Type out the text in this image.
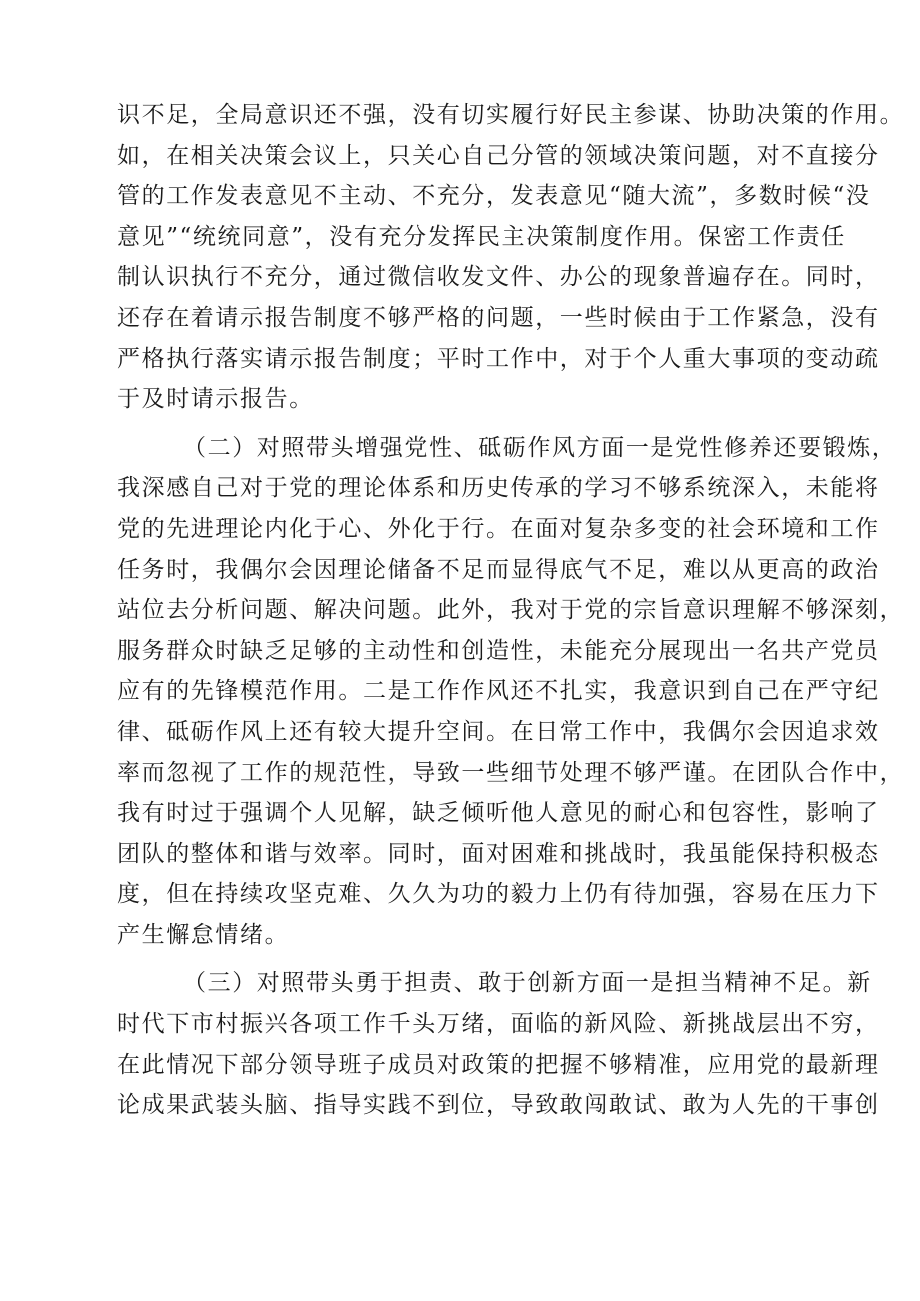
识不足，全局意识还不强，没有切实履行好民主参谋、协助决策的作用。
如，在相关决策会议上，只关心自己分管的领域决策问题，对不直接分
管的工作发表意见不主动、不充分，发表意见“随大流”，多数时候“没
意见”“统统同意”，没有充分发挥民主决策制度作用。保密工作责任
制认识执行不充分，通过微信收发文件、办公的现象普遍存在。同时，
还存在着请示报告制度不够严格的问题，一些时候由于工作紧急，没有
严格执行落实请示报告制度；平时工作中，对于个人重大事项的变动疏
于及时请示报告。
（二）对照带头增强党性、砥砺作风方面一是党性修养还要锻炼，
我深感自己对于党的理论体系和历史传承的学习不够系统深入，未能将
党的先进理论内化于心、外化于行。在面对复杂多变的社会环境和工作
任务时，我偶尔会因理论储备不足而显得底气不足，难以从更高的政治
站位去分析问题、解决问题。此外，我对于党的宗旨意识理解不够深刻，
服务群众时缺乏足够的主动性和创造性，未能充分展现出一名共产党员
应有的先锋模范作用。二是工作作风还不扎实，我意识到自己在严守纪
律、砥砺作风上还有较大提升空间。在日常工作中，我偶尔会因追求效
率而忽视了工作的规范性，导致一些细节处理不够严谨。在团队合作中，
我有时过于强调个人见解，缺乏倾听他人意见的耐心和包容性，影响了
团队的整体和谐与效率。同时，面对困难和挑战时，我虽能保持积极态
度，但在持续攻坚克难、久久为功的毅力上仍有待加强，容易在压力下
产生懈怠情绪。
（三）对照带头勇于担责、敢于创新方面一是担当精神不足。新
时代下市村振兴各项工作千头万绪，面临的新风险、新挑战层出不穷，
在此情况下部分领导班子成员对政策的把握不够精准，应用党的最新理
论成果武装头脑、指导实践不到位，导致敢闯敢试、敢为人先的干事创
